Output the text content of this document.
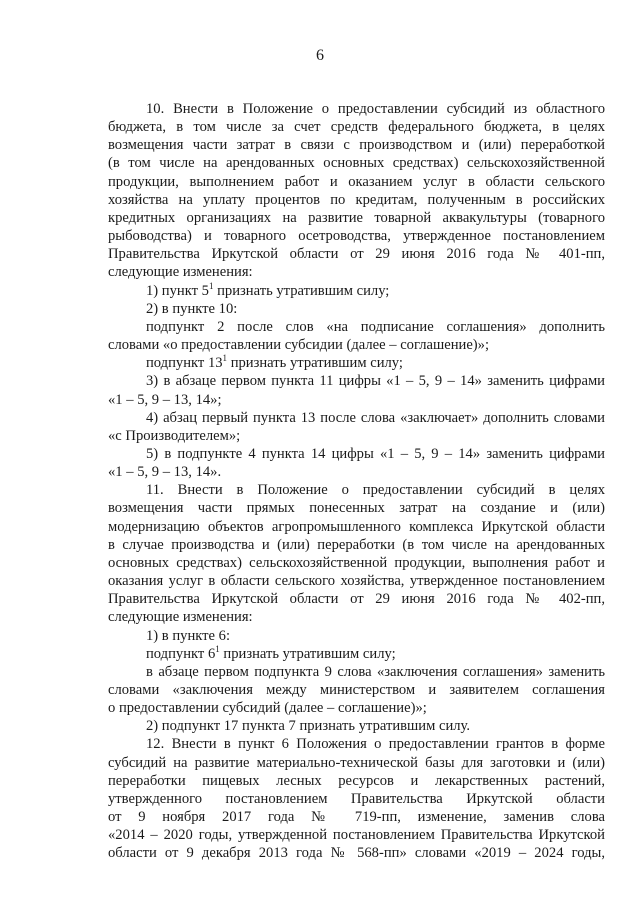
6

10. Внести в Положение о предоставлении субсидий из областного

бюджета, в том числе за счет средств федерального бюджета, в целях

возмещения части затрат в связи с производством и (или) переработкой

(в том числе на арендованных основных средствах) сельскохозяйственной

продукции, выполнением работ и оказанием услуг в области сельского

хозяйства на уплату процентов по кредитам, полученным в российских

кредитных организациях на развитие товарной аквакультуры (товарного

рыбоводства) и товарного осетроводства, утвержденное постановлением

Правительства Иркутской области от 29 июня 2016 года № 401-пп,

следующие изменения:

1) пункт $5^1$ признать утратившим силу;

2) в пункте 10:

подпункт 2 после слов «на подписание соглашения» дополнить

словами «о предоставлении субсидии (далее – соглашение)»;

подпункт $13^1$ признать утратившим силу;

3) в абзаце первом пункта 11 цифры «1 – 5, 9 – 14» заменить цифрами

«1 – 5, 9 – 13, 14»;

4) абзац первый пункта 13 после слова «заключает» дополнить словами

«с Производителем»;

5) в подпункте 4 пункта 14 цифры «1 – 5, 9 – 14» заменить цифрами

«1 – 5, 9 – 13, 14».

11. Внести в Положение о предоставлении субсидий в целях

возмещения части прямых понесенных затрат на создание и (или)

модернизацию объектов агропромышленного комплекса Иркутской области

в случае производства и (или) переработки (в том числе на арендованных

основных средствах) сельскохозяйственной продукции, выполнения работ и

оказания услуг в области сельского хозяйства, утвержденное постановлением

Правительства Иркутской области от 29 июня 2016 года № 402-пп,

следующие изменения:

1) в пункте 6:

подпункт $6^1$ признать утратившим силу;

в абзаце первом подпункта 9 слова «заключения соглашения» заменить

словами «заключения между министерством и заявителем соглашения

о предоставлении субсидий (далее – соглашение)»;

2) подпункт 17 пункта 7 признать утратившим силу.

12. Внести в пункт 6 Положения о предоставлении грантов в форме

субсидий на развитие материально-технической базы для заготовки и (или)

переработки пищевых лесных ресурсов и лекарственных растений,

утвержденного постановлением Правительства Иркутской области

от 9 ноября 2017 года № 719-пп, изменение, заменив слова

«2014 – 2020 годы, утвержденной постановлением Правительства Иркутской

области от 9 декабря 2013 года № 568-пп» словами «2019 – 2024 годы,
